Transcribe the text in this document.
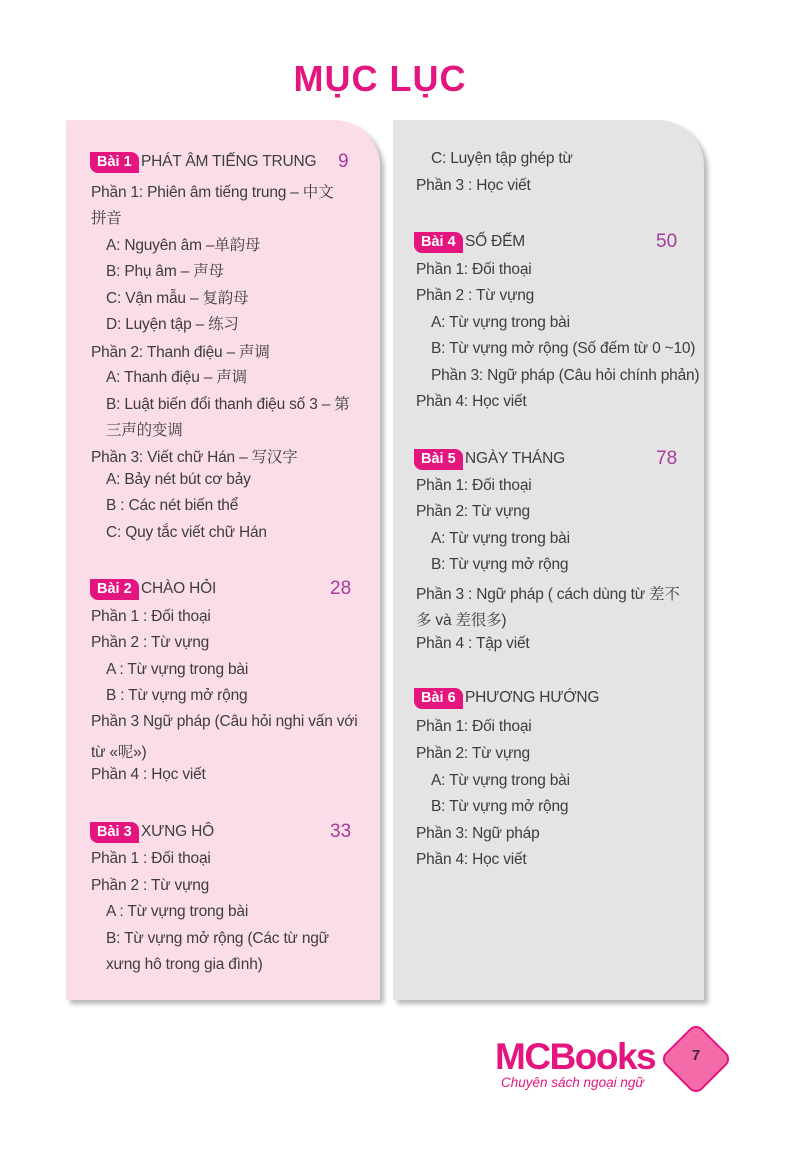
MỤC LỤC
Bài 1 PHÁT ÂM TIẾNG TRUNG 9
Phần 1: Phiên âm tiếng trung – 中文
拼音
A: Nguyên âm –单韵母
B: Phụ âm – 声母
C: Vận mẫu – 复韵母
D: Luyện tập – 练习
Phần 2: Thanh điệu – 声调
A: Thanh điệu – 声调
B: Luật biến đổi thanh điệu số 3 – 第
三声的变调
Phần 3: Viết chữ Hán – 写汉字
A: Bảy nét bút cơ bảy
B : Các nét biến thể
C: Quy tắc viết chữ Hán
Bài 2 CHÀO HỎI	28
Phần 1 : Đối thoại
Phần 2 : Từ vựng
A : Từ vựng trong bài
B : Từ vựng mở rộng
Phần 3 Ngữ pháp (Câu hỏi nghi vấn với
từ «呢»)
Phần 4 : Học viết
Bài 3 XƯNG HÔ	33
Phần 1 : Đối thoại
Phần 2 : Từ vựng
A : Từ vựng trong bài
B: Từ vựng mở rộng (Các từ ngữ
xưng hô trong gia đình)
C: Luyện tập ghép từ
Phần 3 : Học viết
Bài 4 SỐ ĐẾM	50
Phần 1: Đối thoại
Phần 2 : Từ vựng
A: Từ vựng trong bài
B: Từ vựng mở rộng (Số đếm từ 0 ~10)
Phần 3: Ngữ pháp (Câu hỏi chính phản)
Phần 4: Học viết
Bài 5 NGÀY THÁNG	78
Phần 1: Đối thoại
Phần 2: Từ vựng
A: Từ vựng trong bài
B: Từ vựng mở rộng
Phần 3 : Ngữ pháp ( cách dùng từ 差不
多 và 差很多)
Phần 4 : Tập viết
Bài 6 PHƯƠNG HƯỚNG
Phần 1: Đối thoại
Phần 2: Từ vựng
A: Từ vựng trong bài
B: Từ vựng mở rộng
Phần 3: Ngữ pháp
Phần 4: Học viết
MCBooks
Chuyên sách ngoại ngữ
7
